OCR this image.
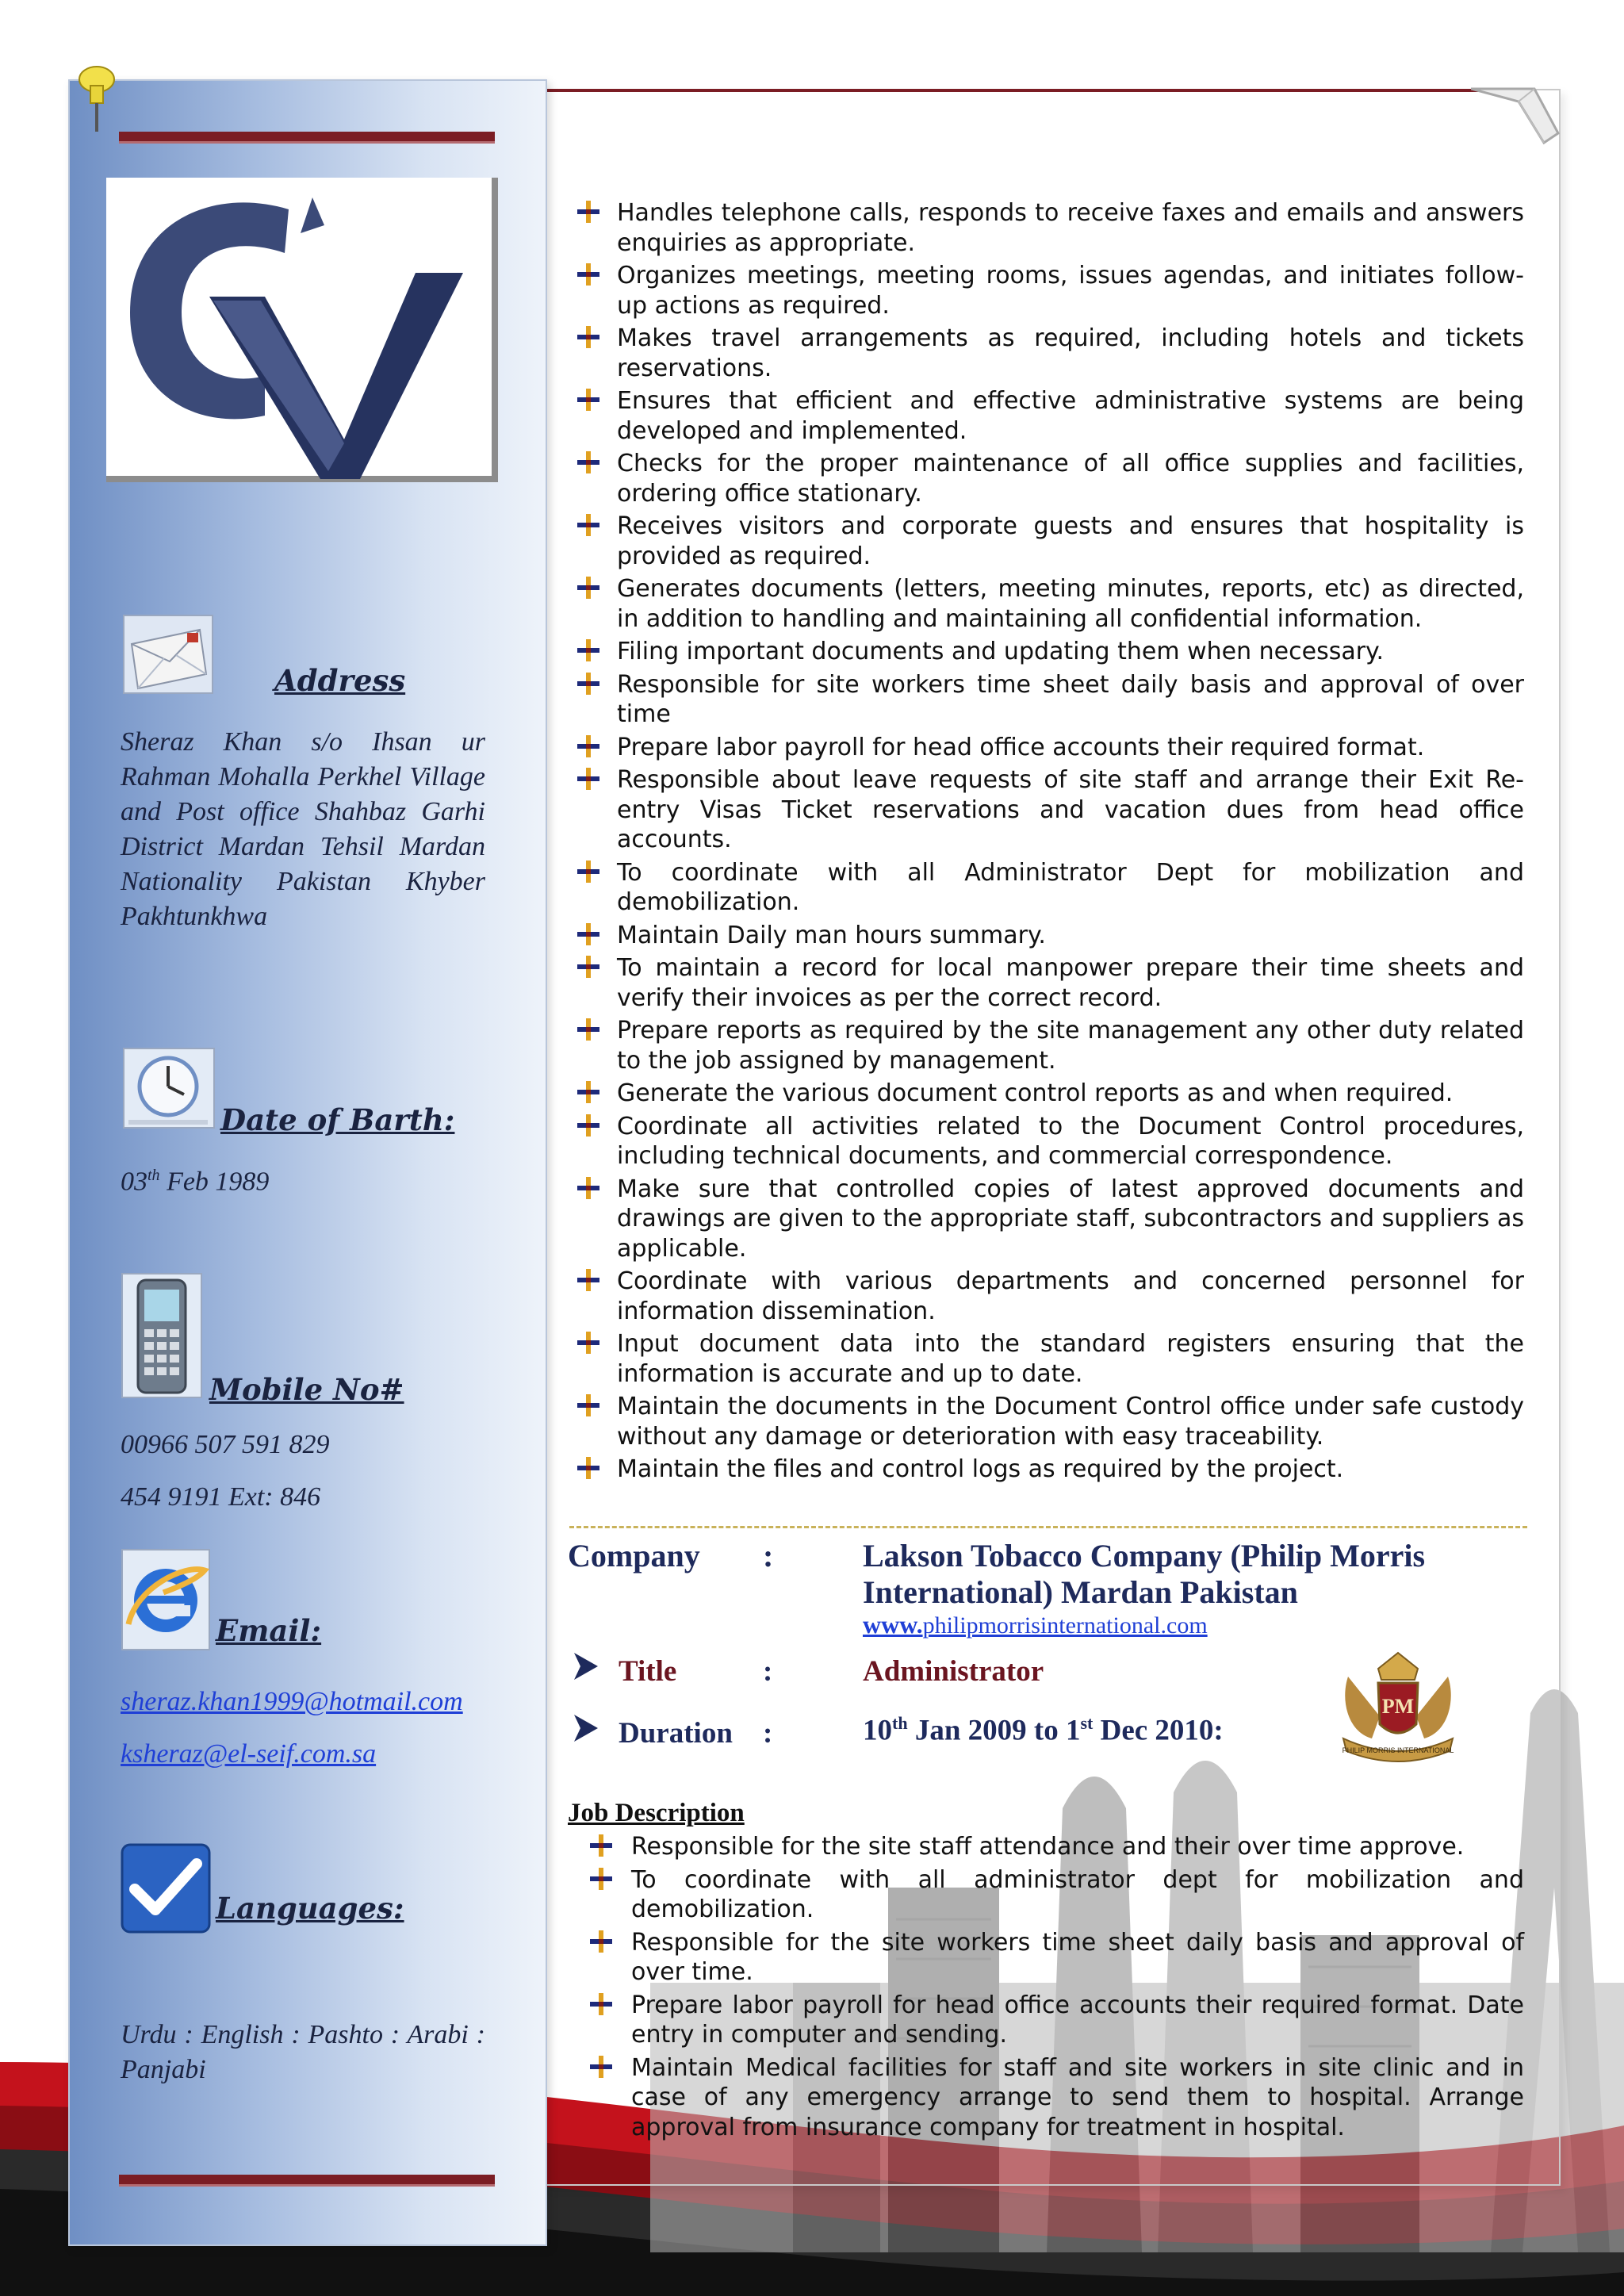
Address
Sheraz Khan s/o Ihsan ur Rahman Mohalla Perkhel Village and Post office Shahbaz Garhi District Mardan Tehsil Mardan Nationality Pakistan Khyber Pakhtunkhwa
Date of Barth:
03th Feb 1989
Mobile No#
00966 507 591 829
454 9191 Ext: 846
Email:
sheraz.khan1999@hotmail.com
ksheraz@el-seif.com.sa
Languages:
Urdu : English : Pashto : Arabi : Panjabi
Handles telephone calls, responds to receive faxes and emails and answers enquiries as appropriate.
Organizes meetings, meeting rooms, issues agendas, and initiates follow-up actions as required.
Makes travel arrangements as required, including hotels and tickets reservations.
Ensures that efficient and effective administrative systems are being developed and implemented.
Checks for the proper maintenance of all office supplies and facilities, ordering office stationary.
Receives visitors and corporate guests and ensures that hospitality is provided as required.
Generates documents (letters, meeting minutes, reports, etc) as directed, in addition to handling and maintaining all confidential information.
Filing important documents and updating them when necessary.
Responsible for site workers time sheet daily basis and approval of over time
Prepare labor payroll for head office accounts their required format.
Responsible about leave requests of site staff and arrange their Exit Re-entry Visas Ticket reservations and vacation dues from head office accounts.
To coordinate with all Administrator Dept for mobilization and demobilization.
Maintain Daily man hours summary.
To maintain a record for local manpower prepare their time sheets and verify their invoices as per the correct record.
Prepare reports as required by the site management any other duty related to the job assigned by management.
Generate the various document control reports as and when required.
Coordinate all activities related to the Document Control procedures, including technical documents, and commercial correspondence.
Make sure that controlled copies of latest approved documents and drawings are given to the appropriate staff, subcontractors and suppliers as applicable.
Coordinate with various departments and concerned personnel for information dissemination.
Input document data into the standard registers ensuring that the information is accurate and up to date.
Maintain the documents in the Document Control office under safe custody without any damage or deterioration with easy traceability.
Maintain the files and control logs as required by the project.
Company :	Lakson Tobacco Company (Philip Morris
International) Mardan Pakistan
www.philipmorrisinternational.com
Title	:	Administrator
Duration :	10th Jan 2009 to 1st Dec 2010:
PM
PHILIP MORRIS INTERNATIONAL
Job Description
Responsible for the site staff attendance and their over time approve.
To coordinate with all administrator dept for mobilization and demobilization.
Responsible for the site workers time sheet daily basis and approval of over time.
Prepare labor payroll for head office accounts their required format. Date entry in computer and sending.
Maintain Medical facilities for staff and site workers in site clinic and in case of any emergency arrange to send them to hospital. Arrange approval from insurance company for treatment in hospital.
